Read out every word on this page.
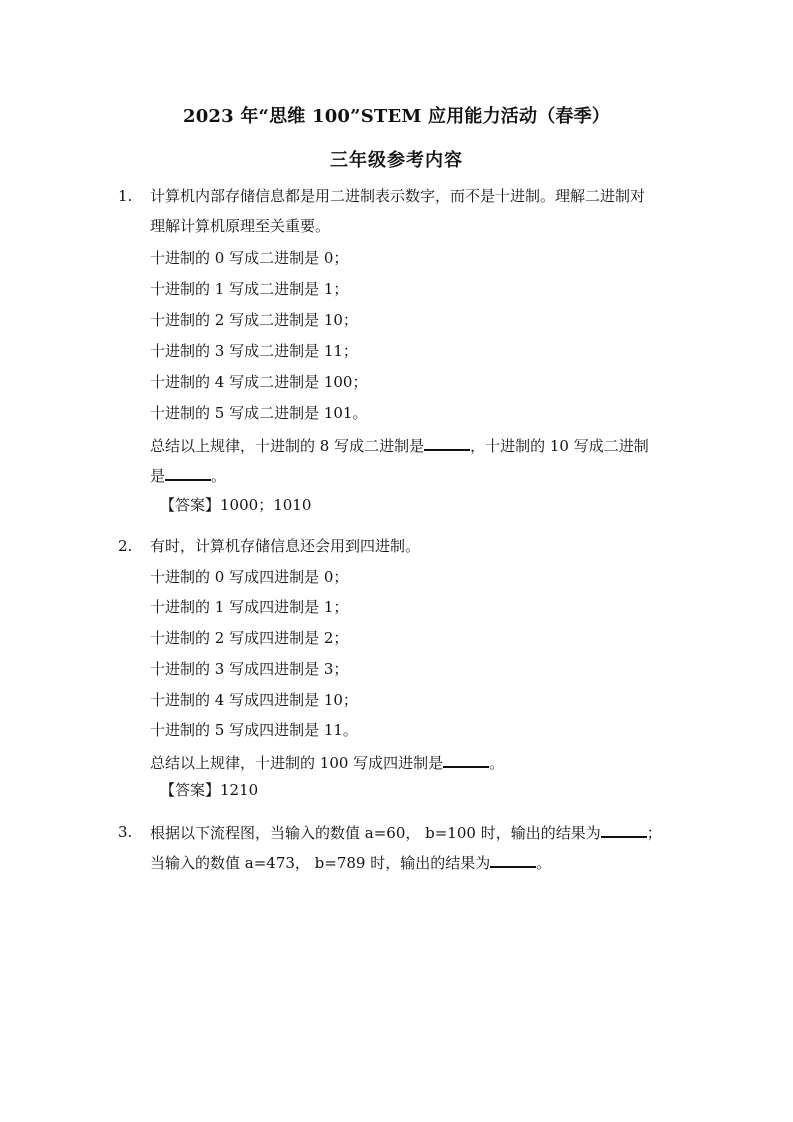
2023 年“思维 100”STEM 应用能力活动（春季）
三年级参考内容
1. 计算机内部存储信息都是用二进制表示数字，而不是十进制。理解二进制对
理解计算机原理至关重要。
十进制的 0 写成二进制是 0；
十进制的 1 写成二进制是 1；
十进制的 2 写成二进制是 10；
十进制的 3 写成二进制是 11；
十进制的 4 写成二进制是 100；
十进制的 5 写成二进制是 101。
总结以上规律，十进制的 8 写成二进制是	，十进制的 10 写成二进制
是	。
【答案】1000；1010
2. 有时，计算机存储信息还会用到四进制。
十进制的 0 写成四进制是 0；
十进制的 1 写成四进制是 1；
十进制的 2 写成四进制是 2；
十进制的 3 写成四进制是 3；
十进制的 4 写成四进制是 10；
十进制的 5 写成四进制是 11。
总结以上规律，十进制的 100 写成四进制是	。
【答案】1210
3. 根据以下流程图，当输入的数值 a=60， b=100 时，输出的结果为	；
当输入的数值 a=473， b=789 时，输出的结果为	。
